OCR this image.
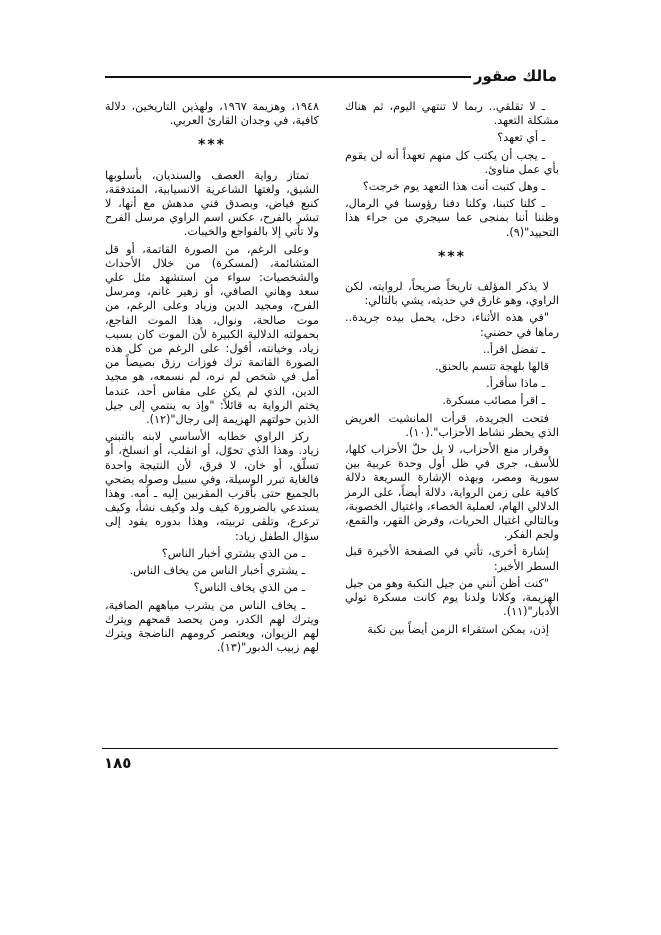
مالك صقور

ـ لا تقلقي.. ربما لا تنتهي اليوم، ثم هناك مشكلة التعهد.

ـ أي تعهد؟

ـ يجب أن يكتب كل منهم تعهداً أنه لن يقوم بأي عمل مناوئ.

ـ وهل كتبت أنت هذا التعهد يوم خرجت؟

ـ كلنا كتبنا، وكلنا دفنا رؤوسنا في الرمال، وظننا أننا بمنجى عما سيجري من جراء هذا التحييد"(٩).

***

لا يذكر المؤلف تاريخاً صريحاً، لروايته، لكن الراوي، وهو غارق في حديثه، يشي بالتالي:

"في هذه الأثناء، دخل، يحمل بيده جريدة.. رماها في حضني:

ـ تفضل اقرأ..

قالها بلهجة تتسم بالحنق.

ـ ماذا سأقرأ.

ـ اقرأ مصائب مسكرة.

فتحت الجريدة، قرأت المانشيت العريض الذي يحظر نشاط الأحزاب".(١٠).

وقرار منع الأحزاب، لا بل حلّ الأحزاب كلها، للأسف، جرى في ظل أول وحدة عربية بين سورية ومصر، وبهذه الإشارة السريعة دلالة كافية على زمن الرواية، دلالة أيضاً، على الرمز الدلالي الهام، لعملية الخصاء، واغتيال الخصوبة، وبالتالي اغتيال الحريات، وفرض القهر، والقمع، ولجم الفكر.

إشارة أخرى، تأتي في الصفحة الأخيرة قبل السطر الأخير:

"كنت أظن أنني من جيل النكبة وهو من جيل الهزيمة، وكلانا ولدنا يوم كانت مسكرة تولي الأدبار"(١١).

إذن، يمكن استقراء الزمن أيضاً بين نكبة

١٩٤٨، وهزيمة ١٩٦٧، ولهذين التاريخين، دلالة كافية، في وجدان القارئ العربي.

***

تمتاز رواية العصف والسنديان، بأسلوبها الشيق، ولغتها الشاعرية الانسيابية، المتدفقة، كنبع فياض، وبصدق فني مدهش مع أنها، لا تبشر بالفرح، عكس اسم الراوي مرسل الفرح ولا تأتي إلا بالفواجع والخيبات.

وعلى الرغم، من الصورة القاتمة، أو قل المتشائمة، (لمسكرة) من خلال الأحداث والشخصيات: سواء من استشهد مثل علي سعد وهاني الصافي، أو زهير غانم، ومرسل الفرح، ومجيد الدين وزياد وعلى الرغم، من موت صالحة، ونوال، هذا الموت الفاجع، بحمولته الدلالية الكبيرة لأن الموت كان بسبب زياد، وخيانته، أقول: على الرغم من كل هذه الصورة القاتمة ترك فوزات رزق بصيصاً من أمل في شخص لم نره، لم نسمعه، هو مجيد الدين، الذي لم يكن على مقاس أحد، عندما يختم الرواية به قائلاً: "وإذ به ينتمي إلى جيل الذين حولتهم الهزيمة إلى رجال"(١٢).

ركز الراوي خطابه الأساسي لابنه بالتبني زياد. وهذا الذي تحوّل، أو انقلب، أو انسلخ، أو تسلّق، أو خان، لا فرق، لأن النتيجة واحدة فالغاية تبرر الوسيلة، وفي سبيل وصوله يضحي بالجميع حتى بأقرب المقربين إليه ـ أمه. وهذا يستدعي بالضرورة كيف ولد وكيف نشأ، وكيف ترعرع، وتلقى تربيته، وهذا بدوره يقود إلى سؤال الطفل زياد:

ـ من الذي يشتري أخبار الناس؟

ـ يشتري أخبار الناس من يخاف الناس.

ـ من الذي يخاف الناس؟

ـ يخاف الناس من يشرب مياههم الصافية، ويترك لهم الكدر، ومن يحصد قمحهم ويترك لهم الزيوان، ويعتصر كرومهم الناضجة ويترك لهم زبيب الدبور"(١٣).

١٨٥
